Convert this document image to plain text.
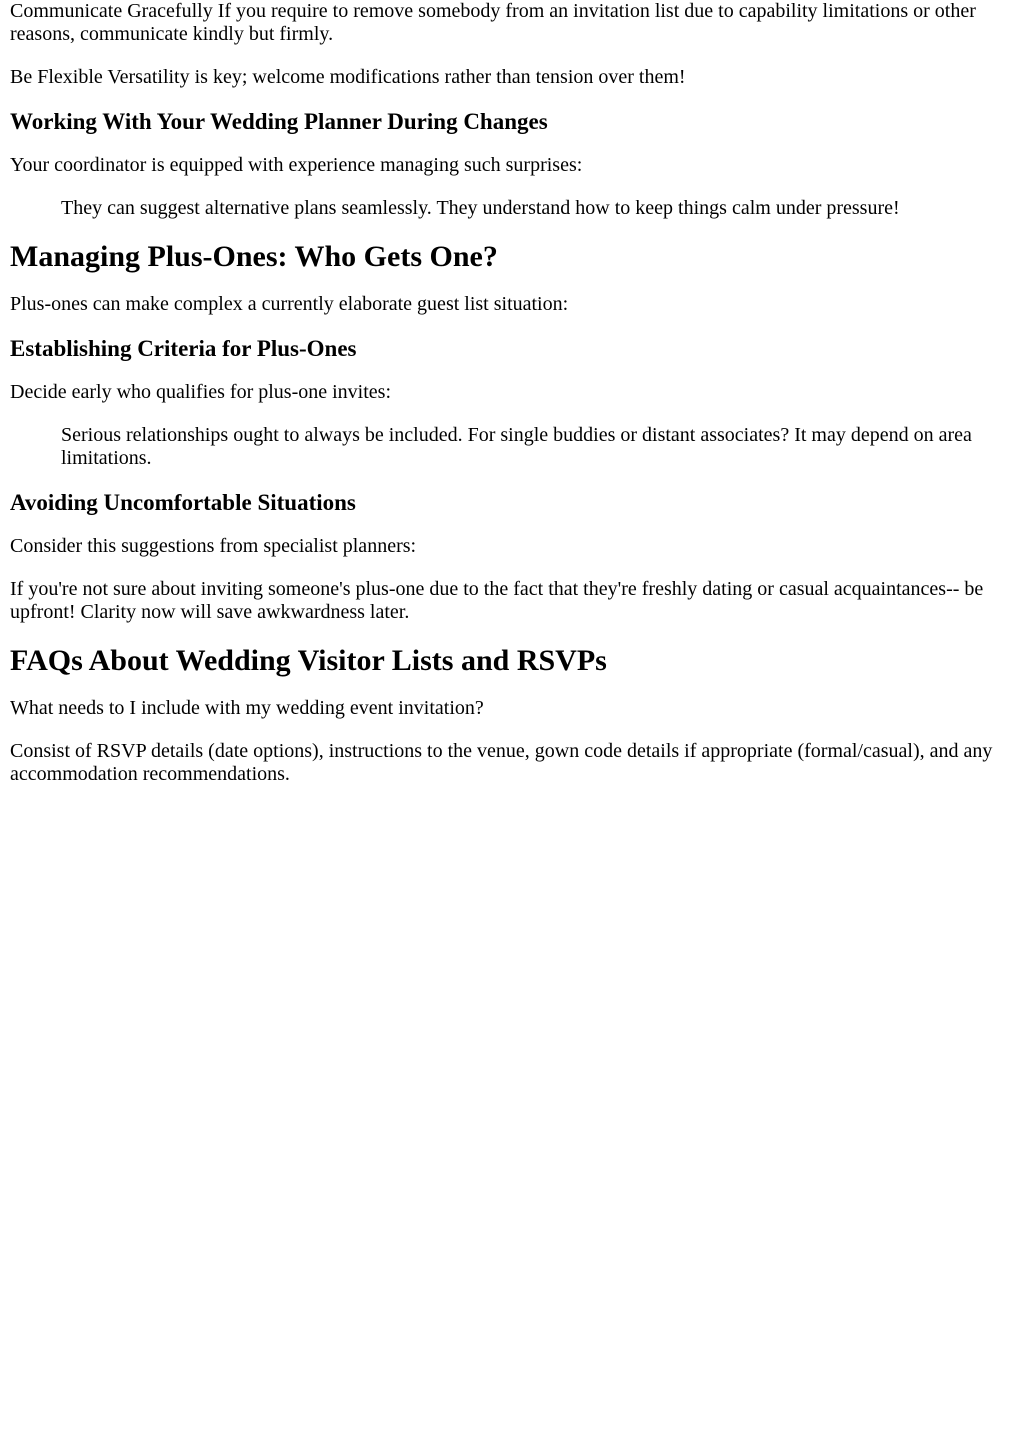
Communicate Gracefully If you require to remove somebody from an invitation list due to capability limitations or other reasons, communicate kindly but firmly.

Be Flexible Versatility is key; welcome modifications rather than tension over them!

Working With Your Wedding Planner During Changes

Your coordinator is equipped with experience managing such surprises:

They can suggest alternative plans seamlessly. They understand how to keep things calm under pressure!
Managing Plus-Ones: Who Gets One?

Plus-ones can make complex a currently elaborate guest list situation:

Establishing Criteria for Plus-Ones

Decide early who qualifies for plus-one invites:

Serious relationships ought to always be included. For single buddies or distant associates? It may depend on area limitations.
Avoiding Uncomfortable Situations

Consider this suggestions from specialist planners:

If you're not sure about inviting someone's plus-one due to the fact that they're freshly dating or casual acquaintances-- be upfront! Clarity now will save awkwardness later.

FAQs About Wedding Visitor Lists and RSVPs

What needs to I include with my wedding event invitation?

Consist of RSVP details (date options), instructions to the venue, gown code details if appropriate (formal/casual), and any accommodation recommendations.
